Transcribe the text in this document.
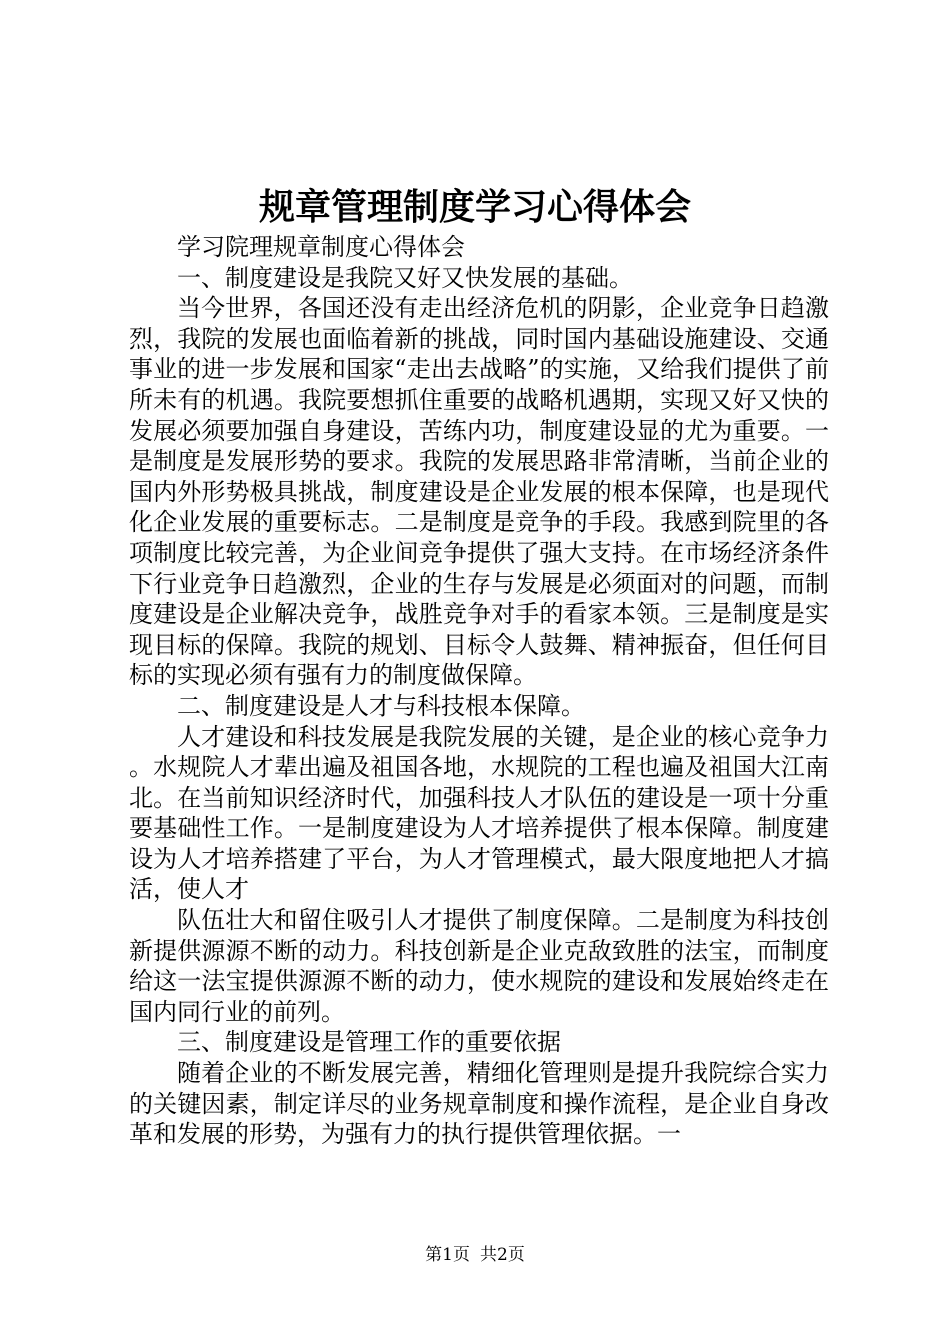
规章管理制度学习心得体会

学习院理规章制度心得体会

一、制度建设是我院又好又快发展的基础。

当今世界，各国还没有走出经济危机的阴影，企业竞争日趋激烈，我院的发展也面临着新的挑战，同时国内基础设施建设、交通事业的进一步发展和国家“走出去战略”的实施，又给我们提供了前所未有的机遇。我院要想抓住重要的战略机遇期，实现又好又快的发展必须要加强自身建设，苦练内功，制度建设显的尤为重要。一是制度是发展形势的要求。我院的发展思路非常清晰，当前企业的国内外形势极具挑战，制度建设是企业发展的根本保障，也是现代化企业发展的重要标志。二是制度是竞争的手段。我感到院里的各项制度比较完善，为企业间竞争提供了强大支持。在市场经济条件下行业竞争日趋激烈，企业的生存与发展是必须面对的问题，而制度建设是企业解决竞争，战胜竞争对手的看家本领。三是制度是实现目标的保障。我院的规划、目标令人鼓舞、精神振奋，但任何目标的实现必须有强有力的制度做保障。

二、制度建设是人才与科技根本保障。

人才建设和科技发展是我院发展的关键，是企业的核心竞争力。水规院人才辈出遍及祖国各地，水规院的工程也遍及祖国大江南北。在当前知识经济时代，加强科技人才队伍的建设是一项十分重要基础性工作。一是制度建设为人才培养提供了根本保障。制度建设为人才培养搭建了平台，为人才管理模式，最大限度地把人才搞活，使人才

队伍壮大和留住吸引人才提供了制度保障。二是制度为科技创新提供源源不断的动力。科技创新是企业克敌致胜的法宝，而制度给这一法宝提供源源不断的动力，使水规院的建设和发展始终走在国内同行业的前列。

三、制度建设是管理工作的重要依据

随着企业的不断发展完善，精细化管理则是提升我院综合实力的关键因素，制定详尽的业务规章制度和操作流程，是企业自身改革和发展的形势，为强有力的执行提供管理依据。一

第1页 共2页
